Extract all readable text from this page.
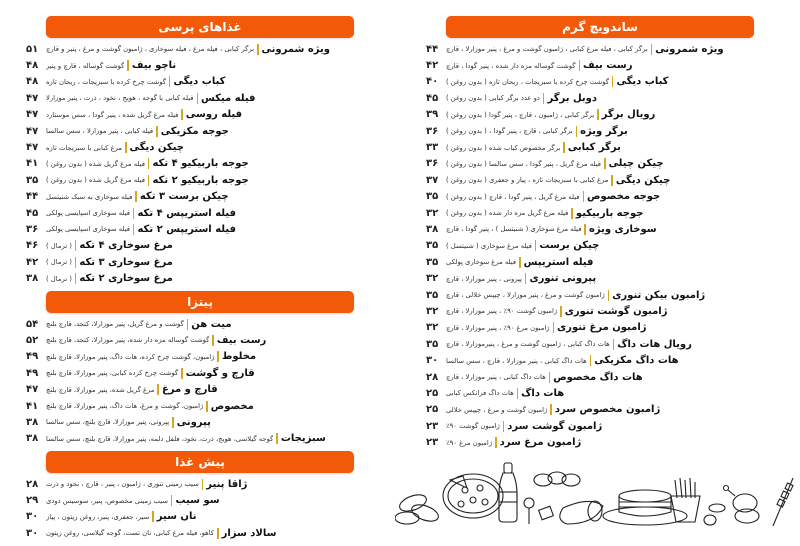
غذاهای پرسی
ویژه شمرونی
برگر کبابی ، فیله مرغ ، فیله سوخاری ، ژامبون گوشت و مرغ ، پنیر و قارچ
۵۱
ناچو بیف
گوشت گوساله ، قارچ و پنیر
۴۸
کباب دیگی
گوشت چرخ کرده با سبزیجات ، ریحان تازه
۴۸
فیله میکس
فیله کبابی با گوجه ، هویج ، نخود ، ذرت ، پنیر موزارلا
۴۷
فیله روسی
فیله مرغ گریل شده ، پنیر گودا ، سس موستارد
۴۷
جوجه مکزیکی
فیله کبابی ، پنیر موزارلا ، سس سالسا
۴۷
چیکن دیگی
مرغ کبابی با سبزیجات تازه
۴۷
جوجه باربیکیو ۴ تکه
فیله مرغ گریل شده ( بدون روغن )
۴۱
جوجه باربیکیو ۲ تکه
فیله مرغ گریل شده ( بدون روغن )
۳۵
چیکن برست ۳ تکه
فیله سوخاری به سبک شنیتسل
۴۴
فیله استریپس ۴ تکه
فیله سوخاری اسپایسی پولکی
۴۵
فیله استریپس ۲ تکه
فیله سوخاری اسپایسی پولکی
۳۶
مرغ سوخاری ۴ تکه
( نرمال )
۴۶
مرغ سوخاری ۳ تکه
( نرمال )
۴۲
مرغ سوخاری ۲ تکه
( نرمال )
۳۸
پیتزا
میت هن
گوشت و مرغ گریل، پنیر موزارلا، کنجد، قارچ بلنچ
۵۴
رست بیف
گوشت گوساله مزه دار شده، پنیر موزارلا، کنجد، قارچ بلنچ
۵۲
مخلوط
ژامبون، گوشت چرخ کرده، هات داگ، پنیر موزارلا، قارچ بلنچ
۴۹
قارچ و گوشت
گوشت چرخ کرده کبابی، پنیر موزارلا، قارچ بلنچ
۴۹
قارچ و مرغ
مرغ گریل شده، پنیر موزارلا، قارچ بلنچ
۴۷
مخصوص
ژامبون، گوشت و مرغ، هات داگ، پنیر موزارلا، قارچ بلنچ
۴۱
پپرونی
پپرونی، پنیر موزارلا، قارچ بلنچ، سس سالسا
۳۸
سبزیجات
گوجه گیلاسی، هویج، ذرت، نخود، فلفل دلمه، پنیر موزارلا، قارچ بلنچ، سس سالسا
۳۸
پیش غذا
ژاقا پنیر
سیب زمینی تنوری ، ژامبون ، پنیر ، قارچ ، نخود و ذرت
۲۸
سو سیب
سیب زمینی مخصوص، پنیر، سوسیس دودی
۲۹
نان سیر
سیر، جعفری، پنیر، روغن زیتون ، پیاز
۳۰
سالاد سزار
کاهو، فیله مرغ کبابی، نان تست، گوجه گیلاسی، روغن زیتون
۳۰
ساندویچ گرم
ویژه شمرونی
برگر کبابی ، فیله مرغ کبابی ، ژامبون گوشت و مرغ ، پنیر موزارلا ، قارچ
۴۴
رست بیف
گوشت گوساله مزه دار شده ، پنیر گودا ، قارچ
۴۲
کباب دیگی
گوشت چرخ کرده با سبزیجات ، ریحان تازه ( بدون روغن )
۴۰
دوبل برگر
دو عدد برگر کبابی ( بدون روغن )
۴۵
رویال برگر
برگر کبابی ، ژامبون ، قارچ ، پنیر گودا ( بدون روغن )
۳۹
برگر ویژه
برگر کبابی ، قارچ ، پنیر گودا ، ( بدون روغن )
۳۶
برگر کبابی
برگر مخصوص کباب شده ( بدون روغن )
۳۳
چیکن چیلی
فیله مرغ گریل ، پنیر گودا ، سس سالسا ( بدون روغن )
۳۶
چیکن دیگی
مرغ کبابی با سبزیجات تازه ، پیاز و جعفری ( بدون روغن )
۳۷
جوجه مخصوص
فیله مرغ گریل ، پنیر گودا ، قارچ ( بدون روغن )
۳۵
جوجه باربیکیو
فیله مرغ گریل مزه دار شده ( بدون روغن )
۳۲
سوخاری ویژه
فیله مرغ سوخاری ( شنیتسل ) ، پنیر گودا ، قارچ
۳۸
چیکن برست
فیله مرغ سوخاری ( شنیتسل )
۳۵
فیله استریپس
فیله مرغ سوخاری پولکی
۳۵
پپرونی تنوری
پپرونی ، پنیر موزارلا ، قارچ
۳۲
ژامبون بیکن تنوری
ژامبون گوشت و مرغ ، پنیر موزارلا ، چیپس خلالی ، قارچ
۳۵
ژامبون گوشت تنوری
ژامبون گوشت ۹۰٪ ، پنیر موزارلا ، قارچ
۳۲
ژامبون مرغ تنوری
ژامبون مرغ ۹۰٪ ، پنیر موزارلا ، قارچ
۳۲
رویال هات داگ
هات داگ کبابی ، ژامبون گوشت و مرغ ، پنیرموزارلا ، قارچ
۳۵
هات داگ مکزیکی
هات داگ کبابی ، پنیر موزارلا ، قارچ ، سس سالسا
۳۰
هات داگ مخصوص
هات داگ کبابی ، پنیر موزارلا ، قارچ
۲۸
هات داگ
هات داگ فرانکس کبابی
۲۵
ژامبون مخصوص سرد
ژامبون گوشت و مرغ ، چیپس خلالی
۲۵
ژامبون گوشت سرد
ژامبون گوشت ۹۰٪
۲۳
ژامبون مرغ سرد
ژامبون مرغ ۹۰٪
۲۳
